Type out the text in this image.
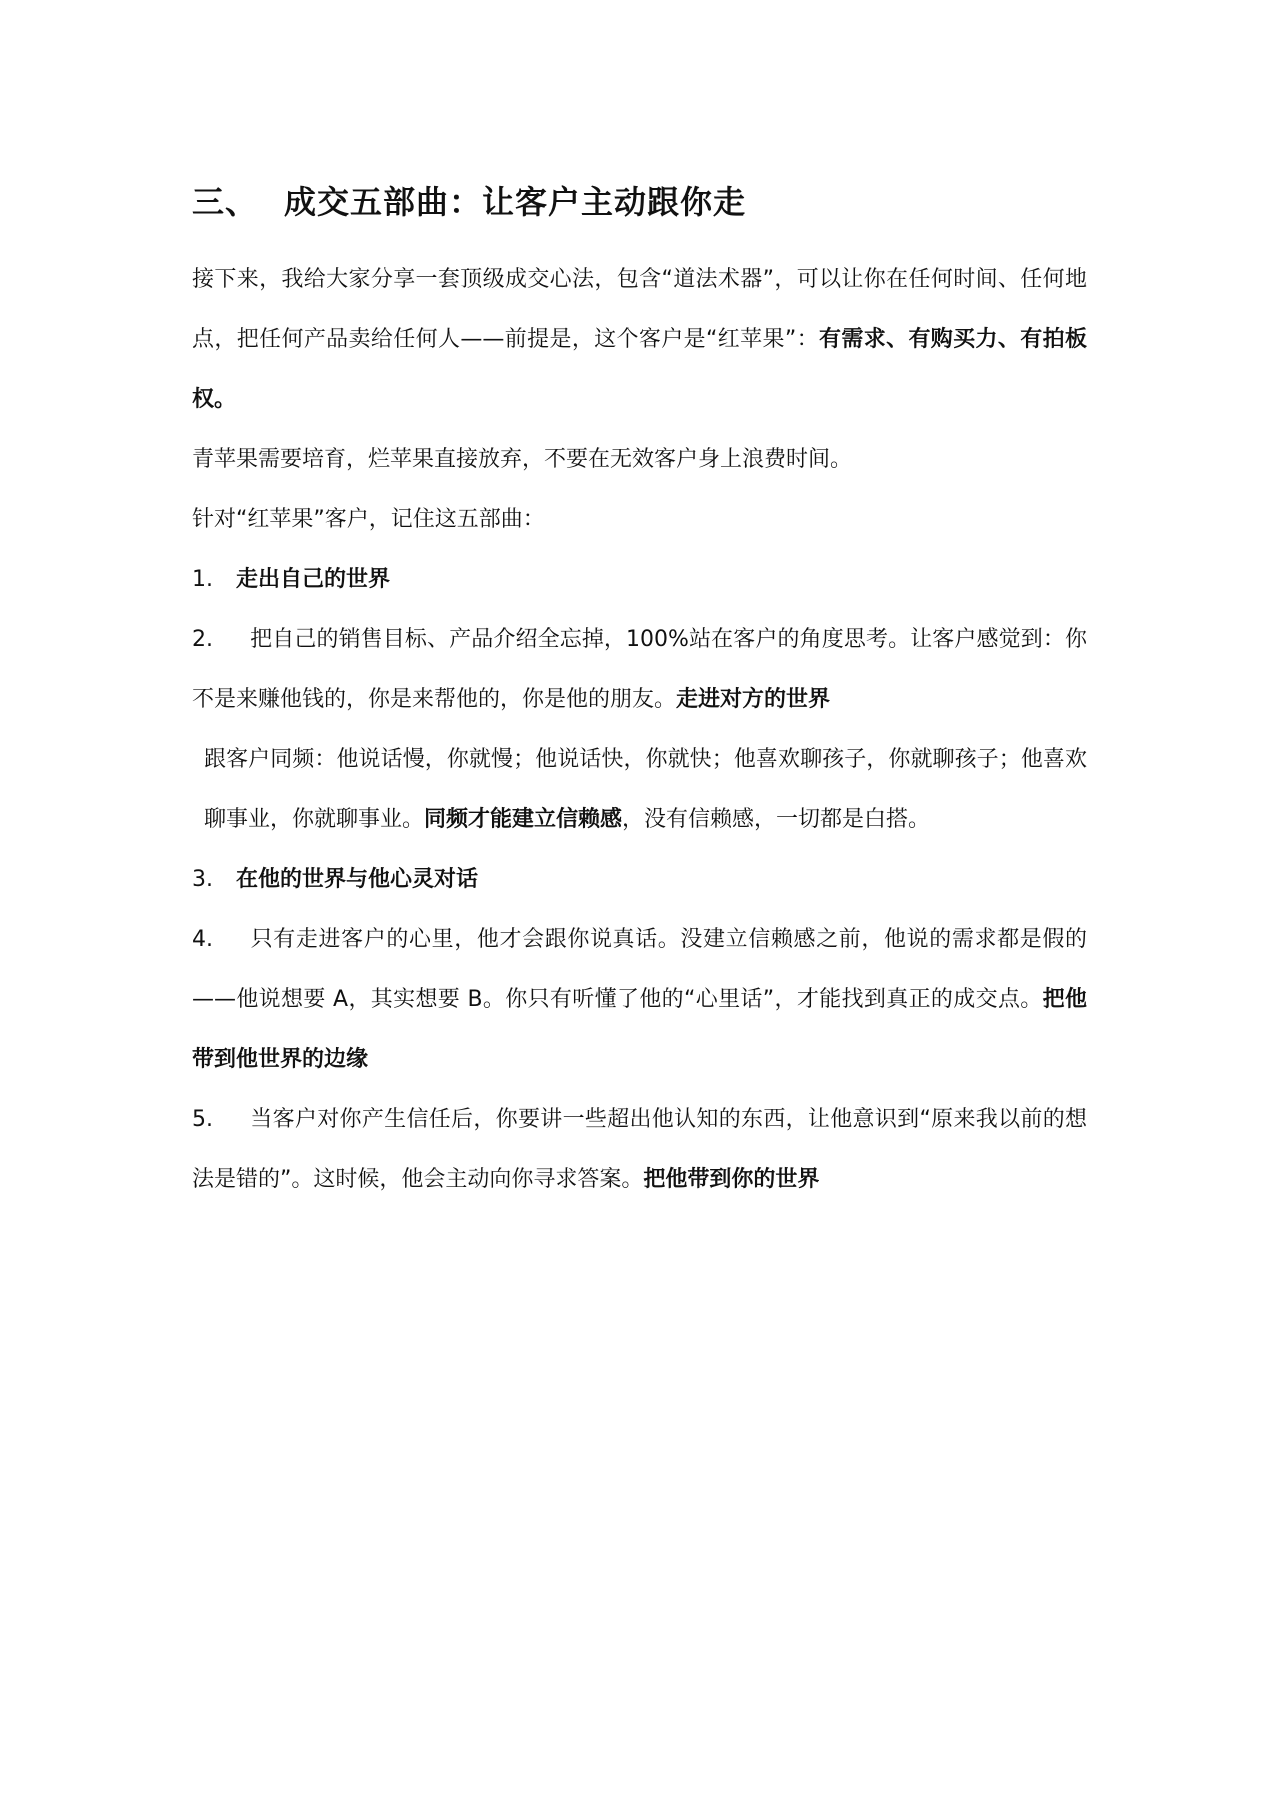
三、 成交五部曲：让客户主动跟你走

接下来，我给大家分享一套顶级成交心法，包含“道法术器”，可以让你在任何时间、任何地点，把任何产品卖给任何人——前提是，这个客户是“红苹果”：有需求、有购买力、有拍板权。

青苹果需要培育，烂苹果直接放弃，不要在无效客户身上浪费时间。

针对“红苹果”客户，记住这五部曲：

1. 走出自己的世界

2. 把自己的销售目标、产品介绍全忘掉，100%站在客户的角度思考。让客户感觉到：你不是来赚他钱的，你是来帮他的，你是他的朋友。走进对方的世界

跟客户同频：他说话慢，你就慢；他说话快，你就快；他喜欢聊孩子，你就聊孩子；他喜欢聊事业，你就聊事业。同频才能建立信赖感，没有信赖感，一切都是白搭。

3. 在他的世界与他心灵对话

4. 只有走进客户的心里，他才会跟你说真话。没建立信赖感之前，他说的需求都是假的——他说想要 A，其实想要 B。你只有听懂了他的“心里话”，才能找到真正的成交点。把他带到他世界的边缘

5. 当客户对你产生信任后，你要讲一些超出他认知的东西，让他意识到“原来我以前的想法是错的”。这时候，他会主动向你寻求答案。把他带到你的世界
